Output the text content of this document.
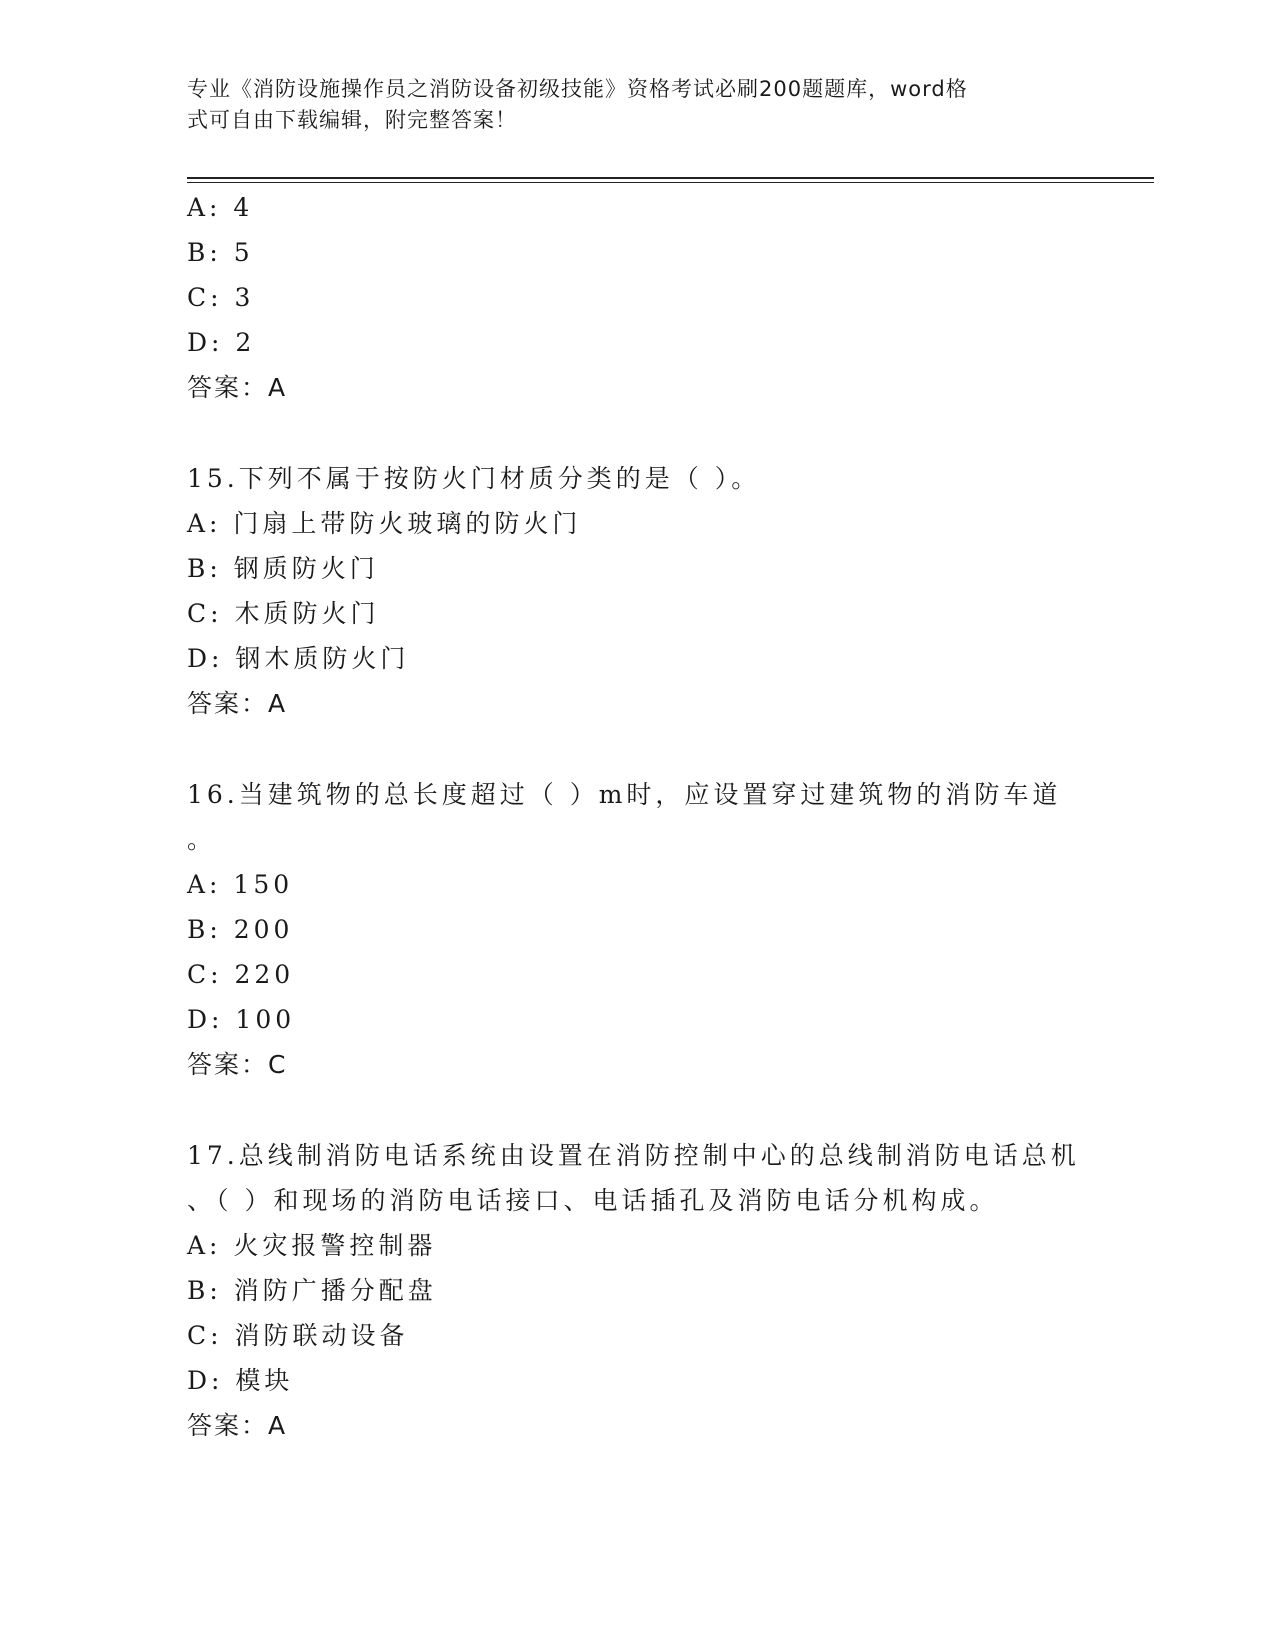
专业《消防设施操作员之消防设备初级技能》资格考试必刷200题题库，word格
式可自由下载编辑，附完整答案！
A: 4
B: 5
C: 3
D: 2
答案：A
15.下列不属于按防火门材质分类的是（ ）。
A: 门扇上带防火玻璃的防火门
B: 钢质防火门
C: 木质防火门
D: 钢木质防火门
答案：A
16.当建筑物的总长度超过（ ）m时，应设置穿过建筑物的消防车道
。
A: 150
B: 200
C: 220
D: 100
答案：C
17.总线制消防电话系统由设置在消防控制中心的总线制消防电话总机
、（ ）和现场的消防电话接口、电话插孔及消防电话分机构成。
A: 火灾报警控制器
B: 消防广播分配盘
C: 消防联动设备
D: 模块
答案：A
